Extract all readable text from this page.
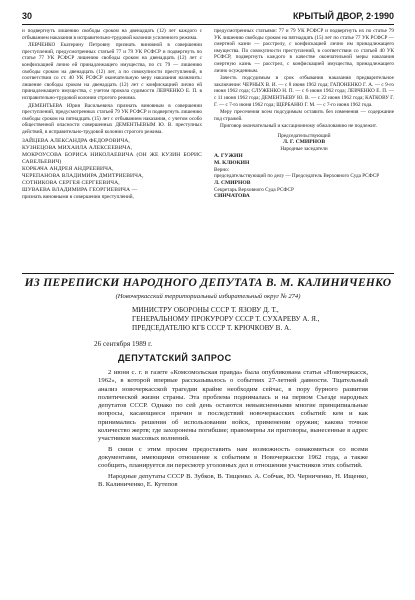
30	КРЫТЫЙ ДВОР, 2·1990

и подвергнуть лишению свободы сроком на двенадцать (12) лет каждого с отбыванием наказания в исправительно-трудовой колонии усиленного режима.

ЛЕВЧЕНКО Екатерину Петровну признать виновной в совершении преступлений, предусмотренных статьей 77 и 79 УК РСФСР и подвергнуть по статье 77 УК РСФСР лишению свободы сроком на двенадцать (12) лет с конфискацией лично ей принадлежащего имущества, по ст. 79 — лишению свободы сроком на двенадцать (12) лет, а по совокупности преступлений, в соответствии со ст. 40 УК РСФСР окончательную меру наказания назначить: лишение свободы сроком на двенадцать (12) лет с конфискацией лично ей принадлежащего имущества, с учетом прокола судимости ЛЕВЧЕНКО Е. П. в исправительно-трудовой колонии строгого режима.

ДЕМЕНТЬЕВА Юрия Васильевича признать виновным в совершении преступлений, предусмотренных статьей 79 УК РСФСР и подвергнуть лишению свободы сроком на пятнадцать (15) лет с отбыванием наказания, с учетом особо общественной опасности совершенных ДЕМЕНТЬЕВЫМ Ю. В. преступных действий, в исправительно-трудовой колонии строгого режима.

ЗАЙЦЕВА АЛЕКСАНДРА ФЕДОРОВИЧА,
КУЗНЕЦОВА МИХАИЛА АЛЕКСЕЕВИЧА,
МОКРОУСОВА БОРИСА НИКОЛАЕВИЧА (ОН ЖЕ КУЗИН БОРИС САВЕЛЬЕВИЧ)
КОРКАЧА АНДРЕЯ АНДРЕЕВИЧА,
ЧЕРЕПАНОВА ВЛАДИМИРА ДМИТРИЕВИЧА,
СОТНИКОВА СЕРГЕЯ СЕРГЕЕВИЧА,
ШУВАЕВА ВЛАДИМИРА ГЕОРГИЕВИЧА —

признать виновными в совершении преступлений,

предусмотренных статьями: 77 и 79 УК РСФСР и подвергнуть их по статье 79 УК лишению свободы сроком на пятнадцать (15) лет по статье 77 УК РСФСР — смертной казни — расстрелу, с конфискацией лично им принадлежащего имущества. По совокупности преступлений, в соответствии со статьей 40 УК РСФСР, подвергнуть каждого в качестве окончательной меры наказания смертную казнь — расстрел, с конфискацией имущества, принадлежащего лично осужденным.

Зачесть подсудимым в срок отбывания наказания предварительное заключение: ЧЕРНЫХ В. И. — с 8 июня 1962 года; ГАПОНЕНКО Г. А. — с 9-го июня 1962 года; СЛУЖЕНКО Н. П. — с 6 июня 1962 года; ЛЕВЧЕНКО Е. П. — с 11 июня 1962 года; ДЕМЕНТЬЕВУ Ю. В. — с 22 июня 1962 года; КАТКОВУ Г. Г. — с 7-го июня 1962 года; ЩЕРБАНЮ Г. М. — с 7-го июня 1962 года.

Меру пресечения всем подсудимым оставить без изменения — содержание под стражей.

Приговор окончательный и кассационному обжалованию не подлежит.

Председательствующий
Л. Г. СМИРНОВ
Народные заседатели
А. ГУЖИН
М. КЛЮКИН
Верно:
председательствующий по делу — Председатель Верховного Суда РСФСР
Л. СМИРНОВ
Секретарь Верховного Суда РСФСР
СИНЧАТОВА
ИЗ ПЕРЕПИСКИ НАРОДНОГО ДЕПУТАТА В. М. КАЛИНИЧЕНКО
(Новочеркасский территориальный избирательный округ № 274)
МИНИСТРУ ОБОРОНЫ СССР Т. ЯЗОВУ Д. Т.,
ГЕНЕРАЛЬНОМУ ПРОКУРОРУ СССР Т. СУХАРЕВУ А. Я.,
ПРЕДСЕДАТЕЛЮ КГБ СССР Т. КРЮЧКОВУ В. А.
26 сентября 1989 г.
ДЕПУТАТСКИЙ ЗАПРОС

2 июня с. г. в газете «Комсомольская правда» была опубликована статья «Новочеркасск, 1962», в которой впервые рассказывалось о событиях 27-летней давности. Тщательный анализ новочеркасской трагедии крайне необходим сейчас, в пору бурного развития политической жизни страны. Эта проблема поднималась и на первом Съезде народных депутатов СССР. Однако по сей день остаются невыясненными многие принципиальные вопросы, касающиеся причин и последствий новочеркасских событий: кем и как принимались решения об использовании войск, применении оружия; какова точное количество жертв; где захоронены погибшие; правомерны ли приговоры, вынесенные в адрес участников массовых волнений.

В связи с этим просим предоставить нам возможность ознакомиться со всеми документами, имеющими отношение к событиям в Новочеркасске 1962 года, а также сообщить, планируется ли пересмотр уголовных дел в отношении участников этих событий.

Народные депутаты СССР В. Зубков, В. Тищенко. А. Собчак, Ю. Черниченко, Н. Ищенко, В. Калиниченко, Е. Кутепов
